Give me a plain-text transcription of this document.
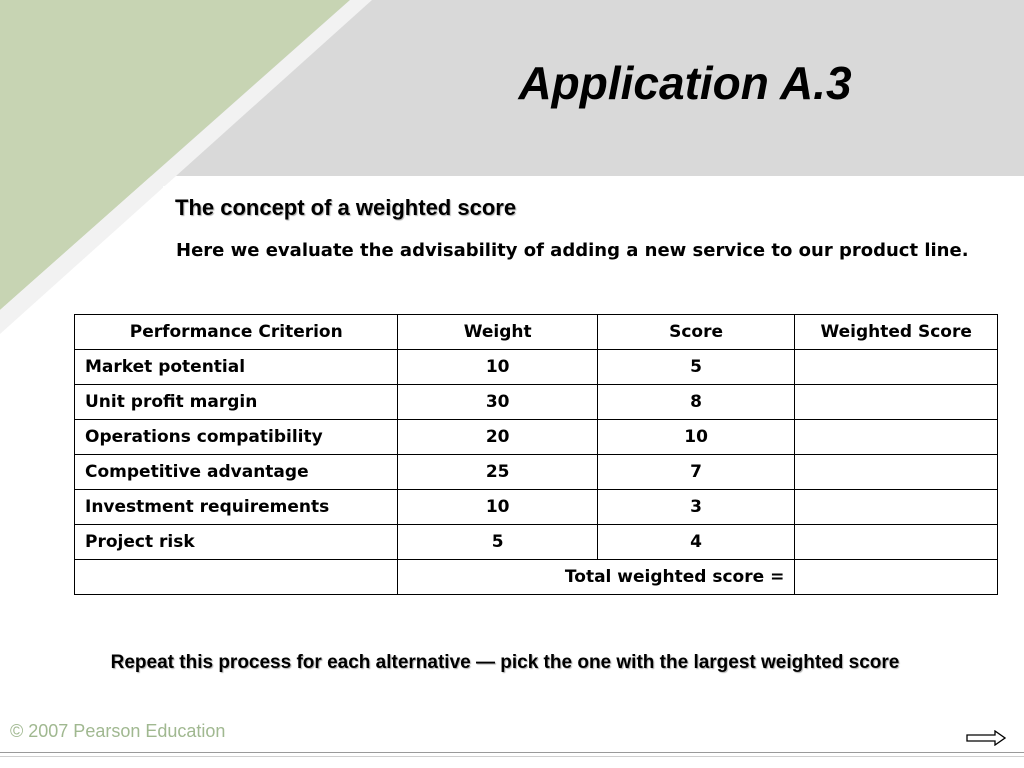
Application A.3
The concept of a weighted score
Here we evaluate the advisability of adding a new service to our product line.
Performance Criterion	Weight	Score	Weighted Score
Market potential	10	5	
Unit profit margin	30	8	
Operations compatibility	20	10	
Competitive advantage	25	7	
Investment requirements	10	3	
Project risk	5	4	
	Total weighted score =		
Repeat this process for each alternative — pick the one with the largest weighted score
© 2007 Pearson Education
